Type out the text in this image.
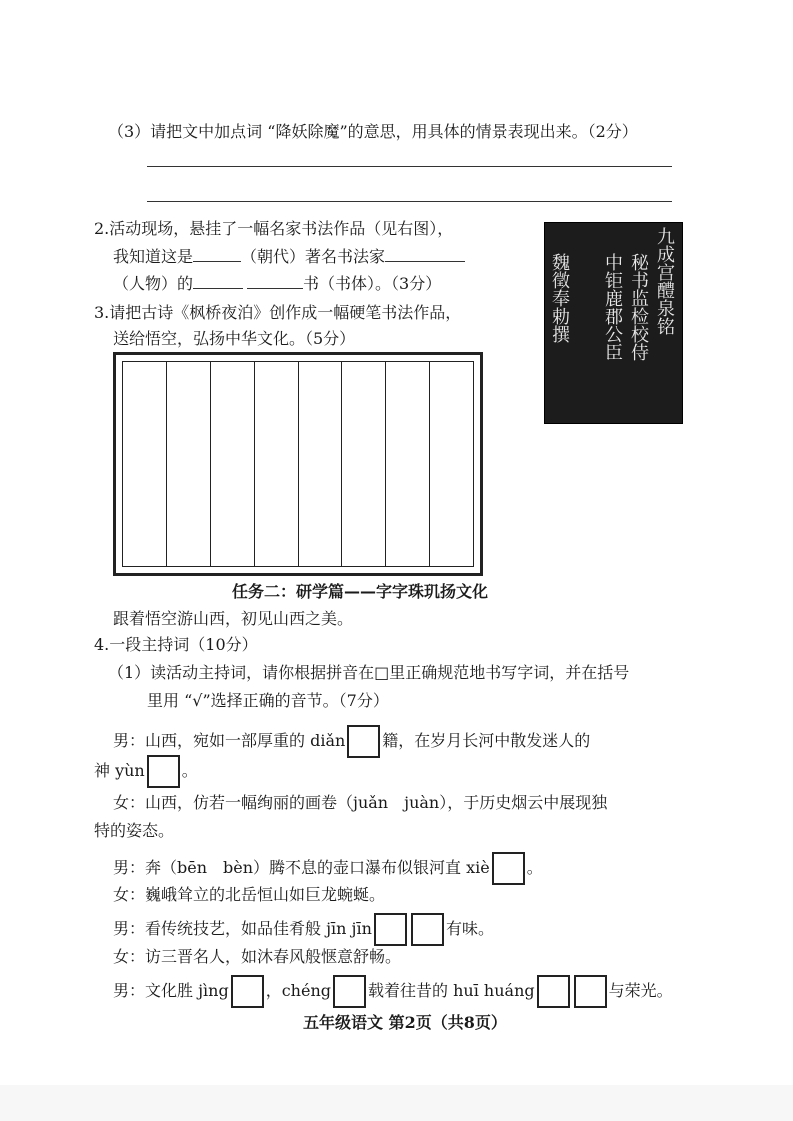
（3）请把文中加点词 “降妖除魔”的意思，用具体的情景表现出来。（2分）
2.活动现场，悬挂了一幅名家书法作品（见右图），
我知道这是	（朝代）著名书法家
（人物）的	书（书体）。（3分）	九成宫醴泉铭
秘书监检校侍
中钜鹿郡公臣
魏徵奉勅撰
3.请把古诗《枫桥夜泊》创作成一幅硬笔书法作品，
送给悟空，弘扬中华文化。（5分）
任务二：研学篇——字字珠玑扬文化
跟着悟空游山西，初见山西之美。
4.一段主持词（10分）
（1）读活动主持词，请你根据拼音在□里正确规范地书写字词，并在括号
里用 “√”选择正确的音节。（7分）
男：山西，宛如一部厚重的 diǎn 籍，在岁月长河中散发迷人的
神 yùn 。
女：山西，仿若一幅绚丽的画卷（juǎn　juàn），于历史烟云中展现独
特的姿态。
男：奔（bēn　bèn）腾不息的壶口瀑布似银河直 xiè 。
女：巍峨耸立的北岳恒山如巨龙蜿蜒。
男：看传统技艺，如品佳肴般 jīn jīn	有味。
女：访三晋名人，如沐春风般惬意舒畅。
男：文化胜 jìng ，chéng 载着往昔的 huī huáng	与荣光。
五年级语文 第2页（共8页）
